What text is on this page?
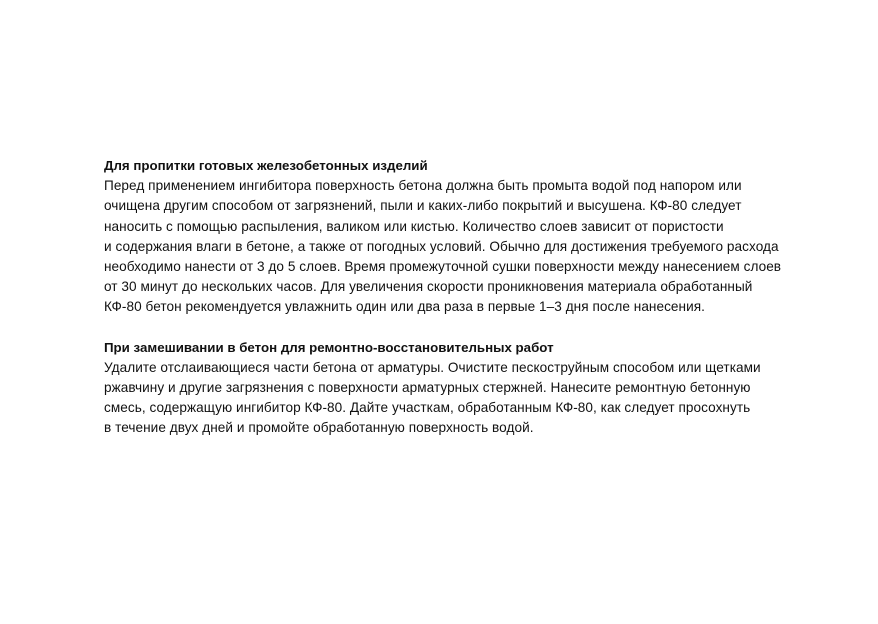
Для пропитки готовых железобетонных изделий

Перед применением ингибитора поверхность бетона должна быть промыта водой под напором или

очищена другим способом от загрязнений, пыли и каких-либо покрытий и высушена. КФ-80 следует

наносить с помощью распыления, валиком или кистью. Количество слоев зависит от пористости

и содержания влаги в бетоне, а также от погодных условий. Обычно для достижения требуемого расхода

необходимо нанести от 3 до 5 слоев. Время промежуточной сушки поверхности между нанесением слоев

от 30 минут до нескольких часов. Для увеличения скорости проникновения материала обработанный

КФ-80 бетон рекомендуется увлажнить один или два раза в первые 1–3 дня после нанесения.

При замешивании в бетон для ремонтно-восстановительных работ

Удалите отслаивающиеся части бетона от арматуры. Очистите пескоструйным способом или щетками

ржавчину и другие загрязнения с поверхности арматурных стержней. Нанесите ремонтную бетонную

смесь, содержащую ингибитор КФ-80. Дайте участкам, обработанным КФ-80, как следует просохнуть

в течение двух дней и промойте обработанную поверхность водой.
